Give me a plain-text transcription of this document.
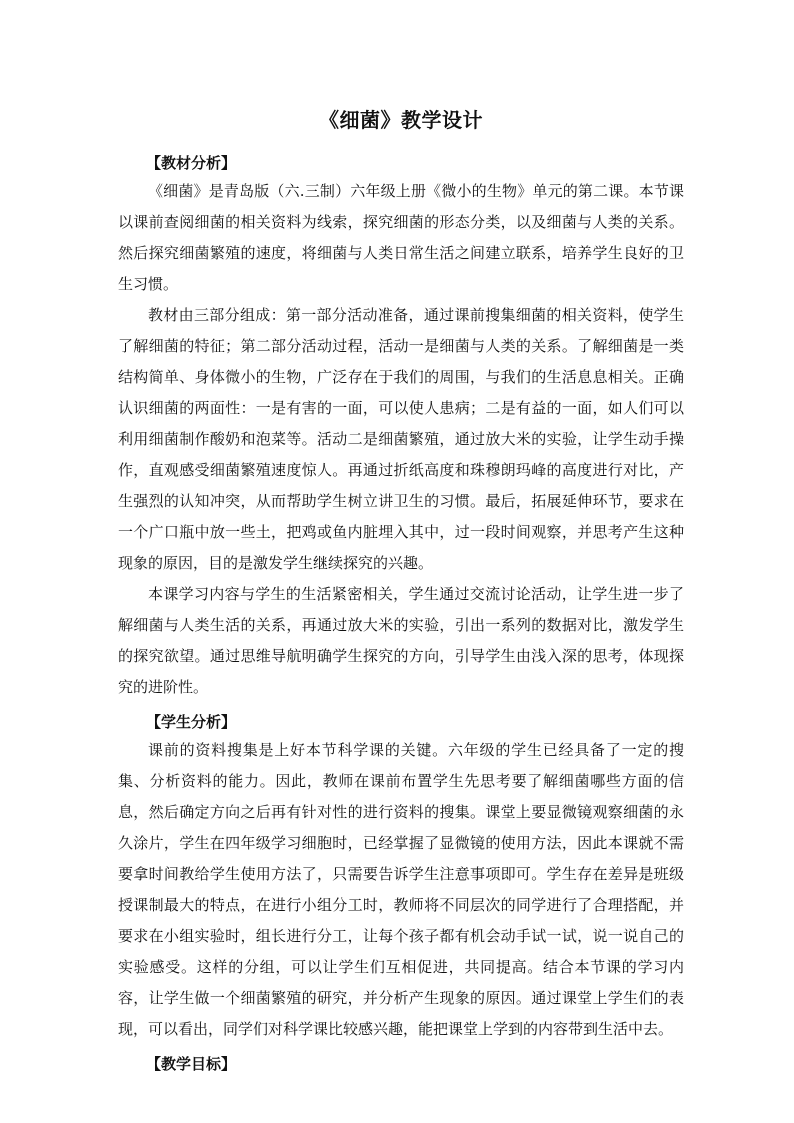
《细菌》教学设计

【教材分析】

《细菌》是青岛版（六.三制）六年级上册《微小的生物》单元的第二课。本节课以课前查阅细菌的相关资料为线索，探究细菌的形态分类，以及细菌与人类的关系。然后探究细菌繁殖的速度，将细菌与人类日常生活之间建立联系，培养学生良好的卫生习惯。

教材由三部分组成：第一部分活动准备，通过课前搜集细菌的相关资料，使学生了解细菌的特征；第二部分活动过程，活动一是细菌与人类的关系。了解细菌是一类结构简单、身体微小的生物，广泛存在于我们的周围，与我们的生活息息相关。正确认识细菌的两面性：一是有害的一面，可以使人患病；二是有益的一面，如人们可以利用细菌制作酸奶和泡菜等。活动二是细菌繁殖，通过放大米的实验，让学生动手操作，直观感受细菌繁殖速度惊人。再通过折纸高度和珠穆朗玛峰的高度进行对比，产生强烈的认知冲突，从而帮助学生树立讲卫生的习惯。最后，拓展延伸环节，要求在一个广口瓶中放一些土，把鸡或鱼内脏埋入其中，过一段时间观察，并思考产生这种现象的原因，目的是激发学生继续探究的兴趣。

本课学习内容与学生的生活紧密相关，学生通过交流讨论活动，让学生进一步了解细菌与人类生活的关系，再通过放大米的实验，引出一系列的数据对比，激发学生的探究欲望。通过思维导航明确学生探究的方向，引导学生由浅入深的思考，体现探究的进阶性。

【学生分析】

课前的资料搜集是上好本节科学课的关键。六年级的学生已经具备了一定的搜集、分析资料的能力。因此，教师在课前布置学生先思考要了解细菌哪些方面的信息，然后确定方向之后再有针对性的进行资料的搜集。课堂上要显微镜观察细菌的永久涂片，学生在四年级学习细胞时，已经掌握了显微镜的使用方法，因此本课就不需要拿时间教给学生使用方法了，只需要告诉学生注意事项即可。学生存在差异是班级授课制最大的特点，在进行小组分工时，教师将不同层次的同学进行了合理搭配，并要求在小组实验时，组长进行分工，让每个孩子都有机会动手试一试，说一说自己的实验感受。这样的分组，可以让学生们互相促进，共同提高。结合本节课的学习内容，让学生做一个细菌繁殖的研究，并分析产生现象的原因。通过课堂上学生们的表现，可以看出，同学们对科学课比较感兴趣，能把课堂上学到的内容带到生活中去。

【教学目标】
